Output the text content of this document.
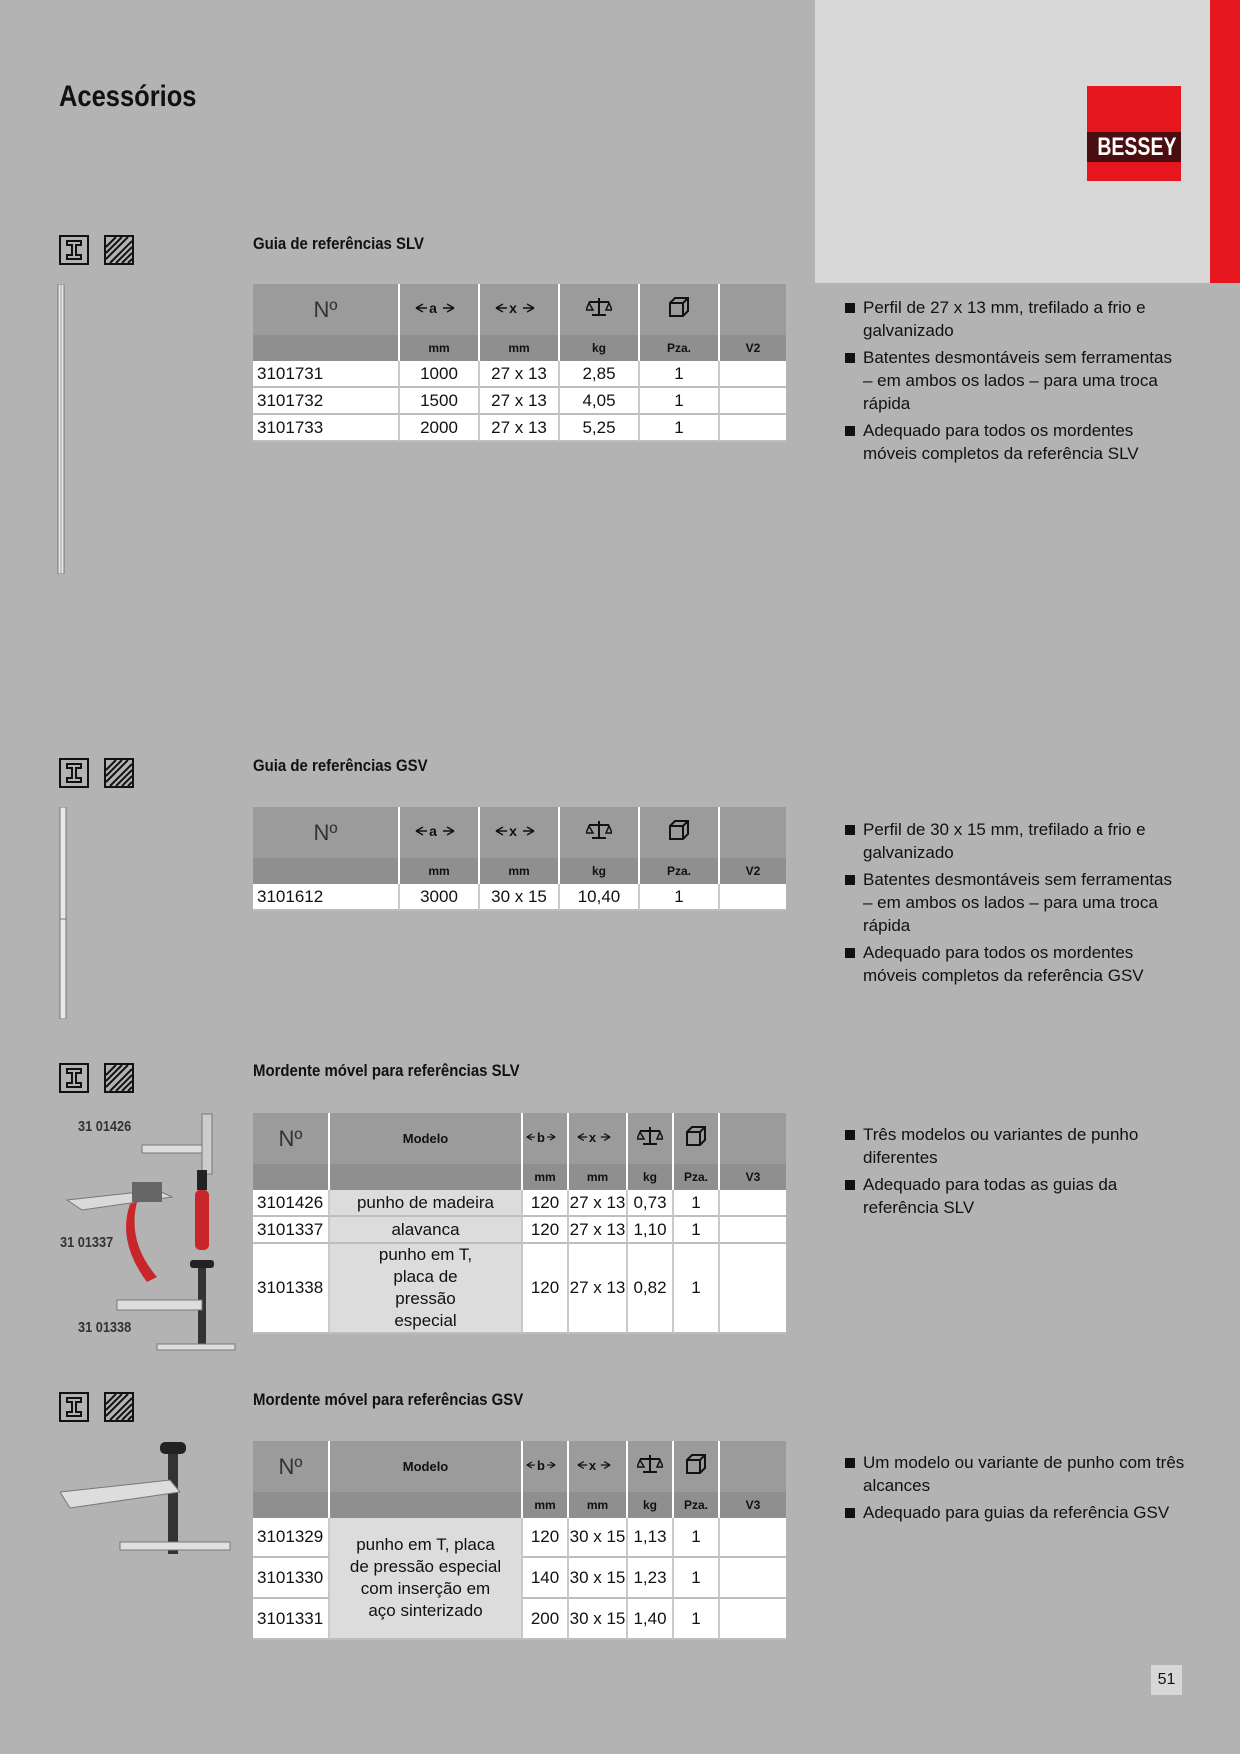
Acessórios
BESSEY
Guia de referências SLV
Nº	a	x			
	mm	mm	kg	Pza.	V2
3101731	1000	27 x 13	2,85	1	
3101732	1500	27 x 13	4,05	1	
3101733	2000	27 x 13	5,25	1	
Perfil de 27 x 13 mm, trefilado a frio e galvanizado
Batentes desmontáveis sem ferramentas – em ambos os lados – para uma troca rápida
Adequado para todos os mordentes móveis completos da referência SLV
Guia de referências GSV
Nº	a	x			
	mm	mm	kg	Pza.	V2
3101612	3000	30 x 15	10,40	1	
Perfil de 30 x 15 mm, trefilado a frio e galvanizado
Batentes desmontáveis sem ferramentas – em ambos os lados – para uma troca rápida
Adequado para todos os mordentes móveis completos da referência GSV
Mordente móvel para referências SLV
31 01426
31 01337
31 01338
Nº	Modelo	b	x			
		mm	mm	kg	Pza.	V3
3101426	punho de madeira	120	27 x 13	0,73	1	
3101337	alavanca	120	27 x 13	1,10	1	
3101338	punho em T, placa de pressão especial	120	27 x 13	0,82	1	
Três modelos ou variantes de punho diferentes
Adequado para todas as guias da referência SLV
Mordente móvel para referências GSV
Nº	Modelo	b	x			
		mm	mm	kg	Pza.	V3
3101329	punho em T, placa de pressão especial com inserção em aço sinterizado	120	30 x 15	1,13	1	
3101330		140	30 x 15	1,23	1	
3101331		200	30 x 15	1,40	1	
Um modelo ou variante de punho com três alcances
Adequado para guias da referência GSV
51
